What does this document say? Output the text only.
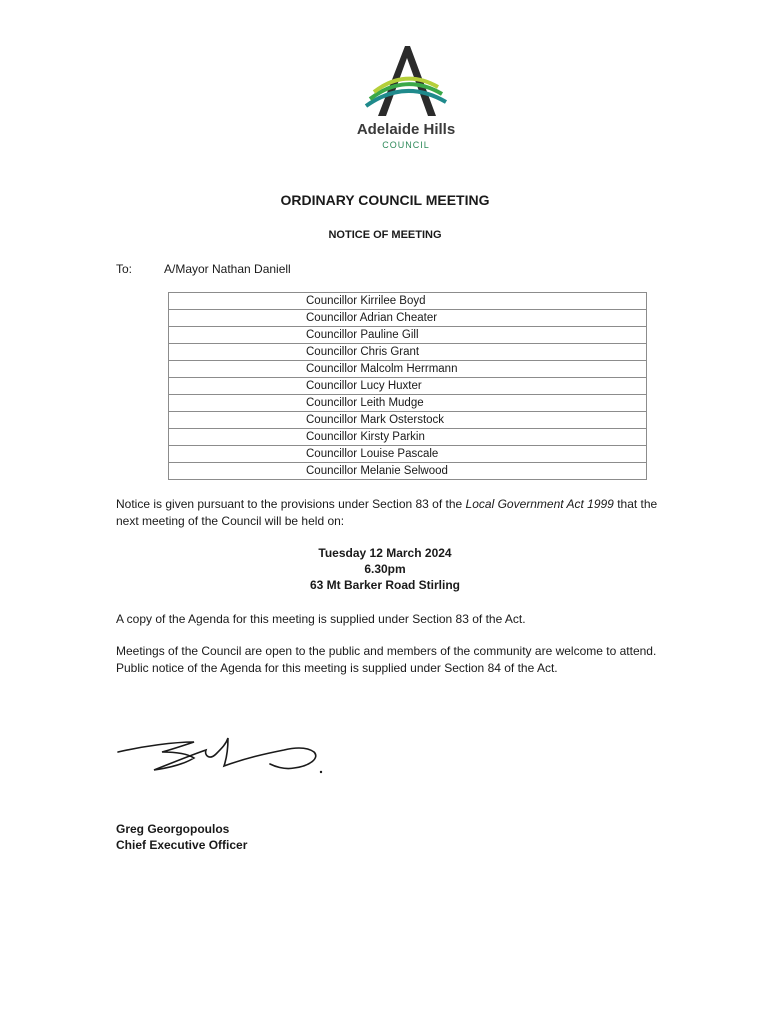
Adelaide Hills
COUNCIL
ORDINARY COUNCIL MEETING
NOTICE OF MEETING
To:	A/Mayor Nathan Daniell
Councillor Kirrilee Boyd
Councillor Adrian Cheater
Councillor Pauline Gill
Councillor Chris Grant
Councillor Malcolm Herrmann
Councillor Lucy Huxter
Councillor Leith Mudge
Councillor Mark Osterstock
Councillor Kirsty Parkin
Councillor Louise Pascale
Councillor Melanie Selwood
Notice is given pursuant to the provisions under Section 83 of the Local Government Act 1999 that the next meeting of the Council will be held on:
Tuesday 12 March 2024
6.30pm
63 Mt Barker Road Stirling
A copy of the Agenda for this meeting is supplied under Section 83 of the Act.
Meetings of the Council are open to the public and members of the community are welcome to attend. Public notice of the Agenda for this meeting is supplied under Section 84 of the Act.
Greg Georgopoulos
Chief Executive Officer
